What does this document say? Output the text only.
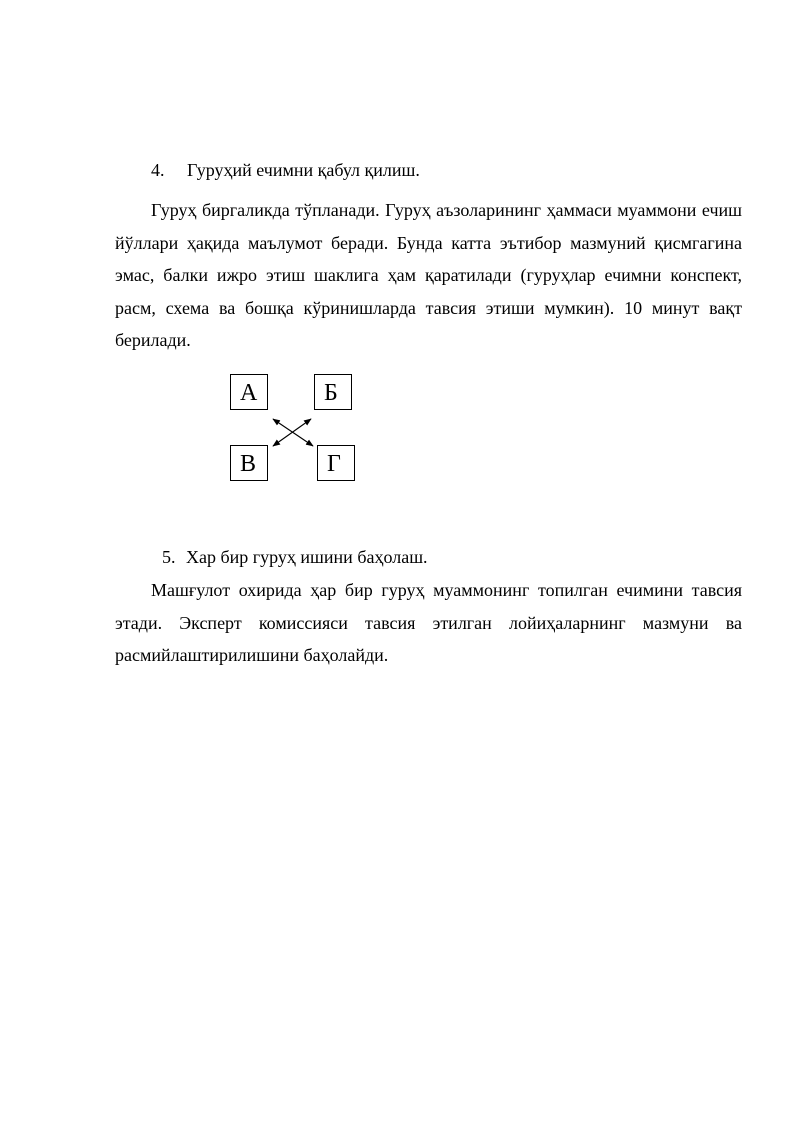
4. Гуруҳий ечимни қабул қилиш.

Гуруҳ биргаликда тўпланади. Гуруҳ аъзоларининг ҳаммаси муаммони ечиш йўллари ҳақида маълумот беради. Бунда катта эътибор мазмуний қисмгагина эмас, балки ижро этиш шаклига ҳам қаратилади (гуруҳлар ечимни конспект, расм, схема ва бошқа кўринишларда тавсия этиши мумкин). 10 минут вақт берилади.

А	Б
В	Г
5. Хар бир гуруҳ ишини баҳолаш.

Машғулот охирида ҳар бир гуруҳ муаммонинг топилган ечимини тавсия этади. Эксперт комиссияси тавсия этилган лойиҳаларнинг мазмуни ва расмийлаштирилишини баҳолайди.
